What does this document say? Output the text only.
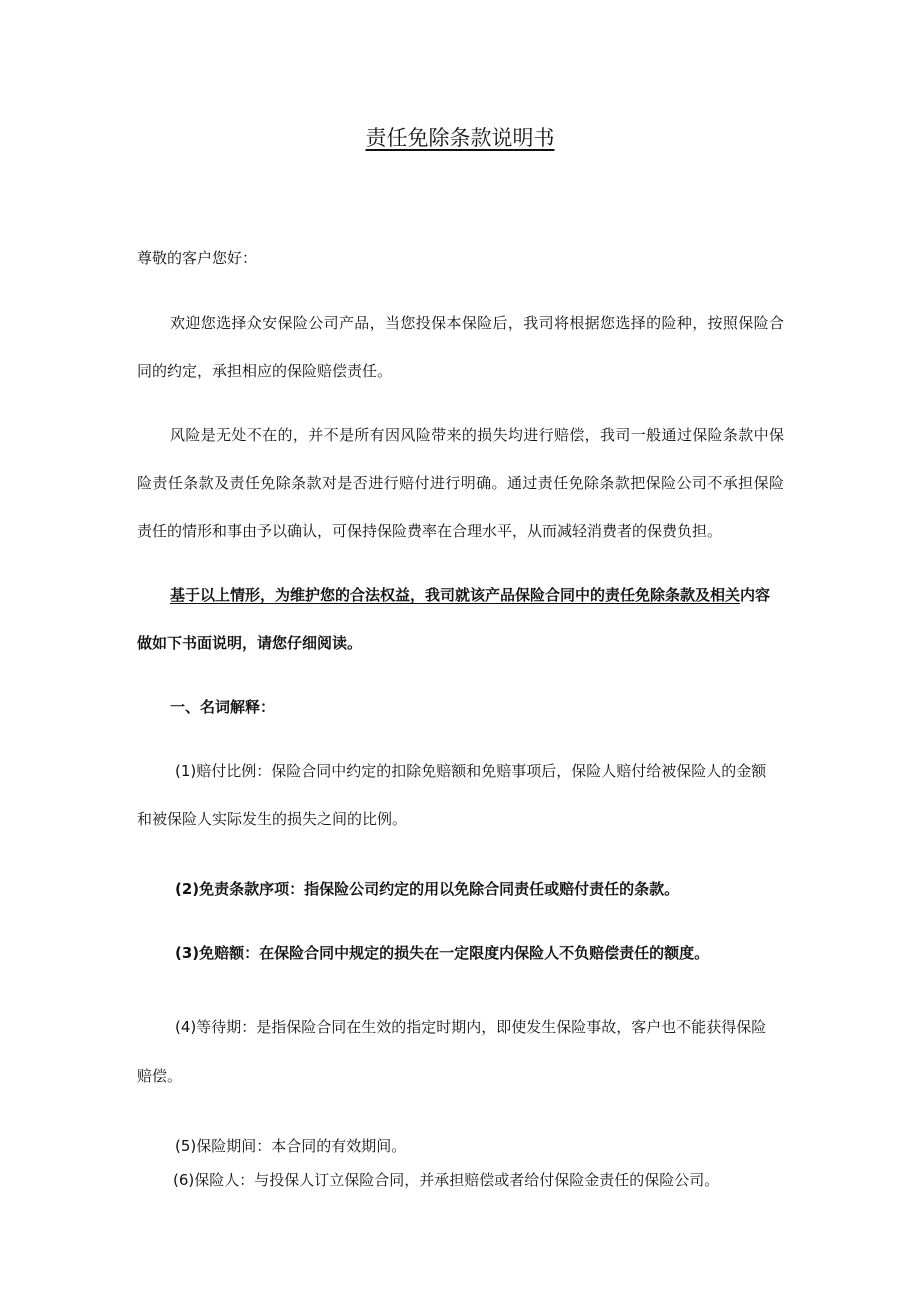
责任免除条款说明书
尊敬的客户您好：
欢迎您选择众安保险公司产品，当您投保本保险后，我司将根据您选择的险种，按照保险合
同的约定，承担相应的保险赔偿责任。
风险是无处不在的，并不是所有因风险带来的损失均进行赔偿，我司一般通过保险条款中保
险责任条款及责任免除条款对是否进行赔付进行明确。通过责任免除条款把保险公司不承担保险
责任的情形和事由予以确认，可保持保险费率在合理水平，从而减轻消费者的保费负担。
基于以上情形，为维护您的合法权益，我司就该产品保险合同中的责任免除条款及相关内容
做如下书面说明，请您仔细阅读。
一、名词解释：
(1)赔付比例：保险合同中约定的扣除免赔额和免赔事项后，保险人赔付给被保险人的金额
和被保险人实际发生的损失之间的比例。
(2)免责条款序项：指保险公司约定的用以免除合同责任或赔付责任的条款。
(3)免赔额：在保险合同中规定的损失在一定限度内保险人不负赔偿责任的额度。
(4)等待期：是指保险合同在生效的指定时期内，即使发生保险事故，客户也不能获得保险
赔偿。
(5)保险期间：本合同的有效期间。
(6)保险人：与投保人订立保险合同，并承担赔偿或者给付保险金责任的保险公司。
